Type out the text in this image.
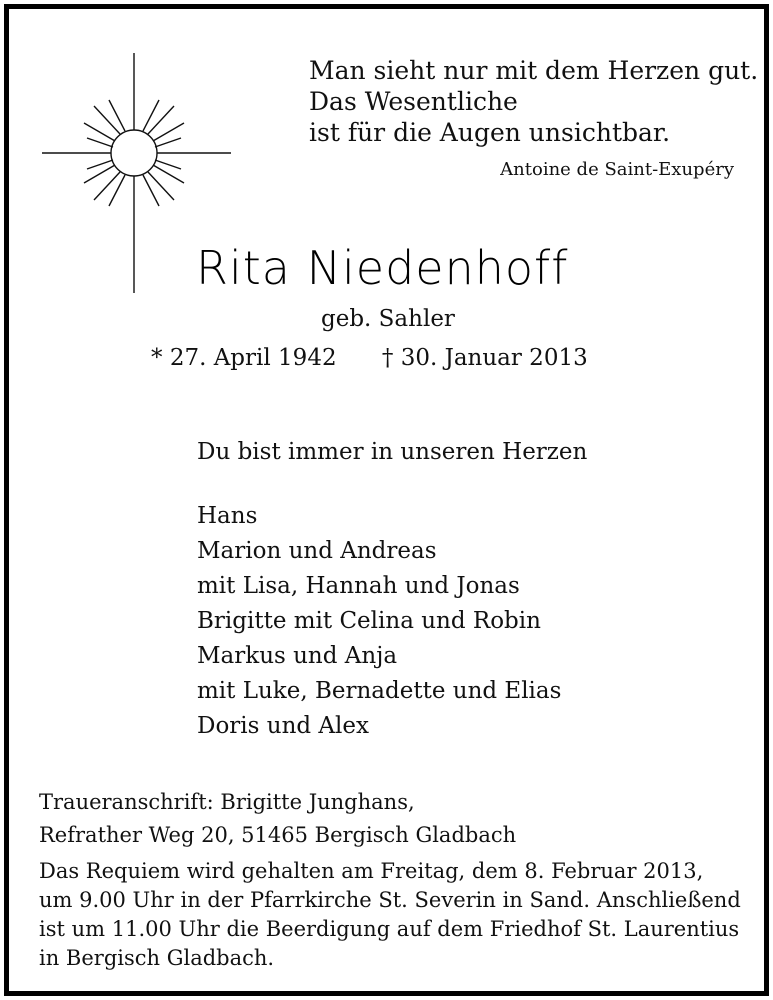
Man sieht nur mit dem Herzen gut.
Das Wesentliche
ist für die Augen unsichtbar.
Antoine de Saint-Exupéry
Rita Niedenhoff
geb. Sahler
* 27. April 1942 † 30. Januar 2013
Du bist immer in unseren Herzen
Hans
Marion und Andreas
mit Lisa, Hannah und Jonas
Brigitte mit Celina und Robin
Markus und Anja
mit Luke, Bernadette und Elias
Doris und Alex
Traueranschrift: Brigitte Junghans,
Refrather Weg 20, 51465 Bergisch Gladbach
Das Requiem wird gehalten am Freitag, dem 8. Februar 2013,
um 9.00 Uhr in der Pfarrkirche St. Severin in Sand. Anschließend
ist um 11.00 Uhr die Beerdigung auf dem Friedhof St. Laurentius
in Bergisch Gladbach.
